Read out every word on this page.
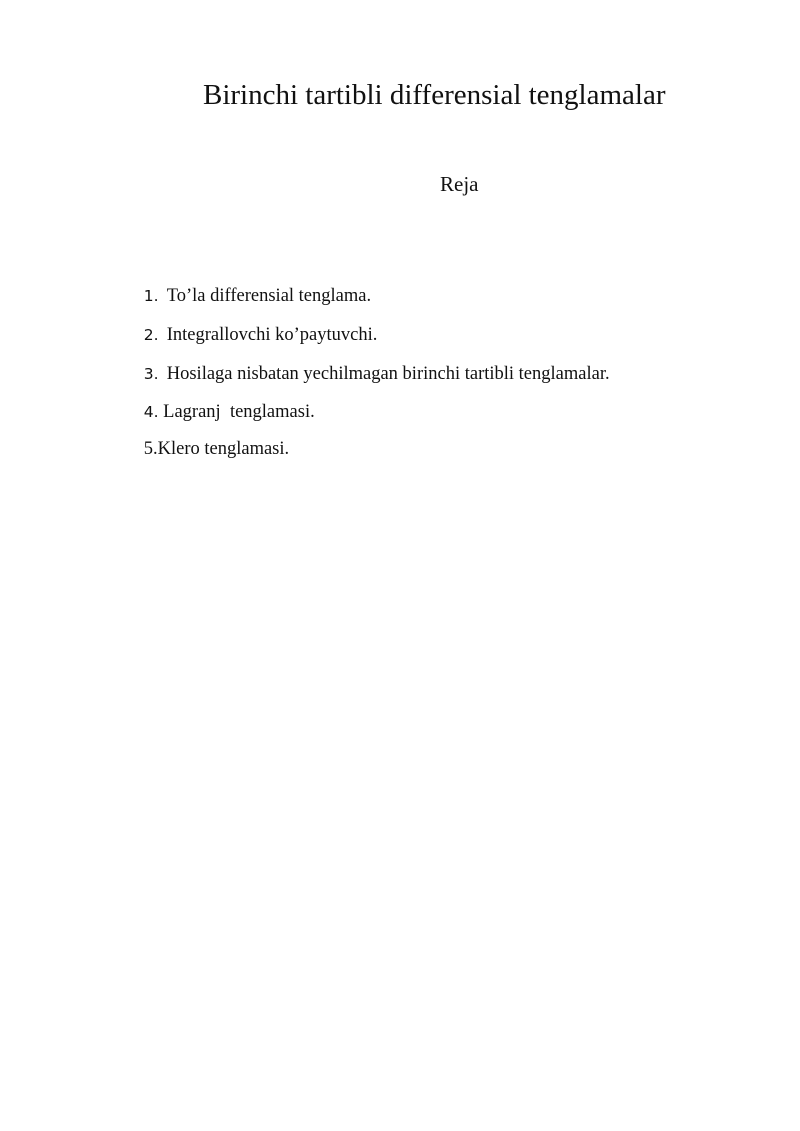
Birinchi tartibli differensial tenglamalar
Reja

1. To’la differensial tenglama.

2. Integrallovchi ko’paytuvchi.

3. Hosilaga nisbatan yechilmagan birinchi tartibli tenglamalar.

4. Lagranj  tenglamasi.

5.Klero tenglamasi.
